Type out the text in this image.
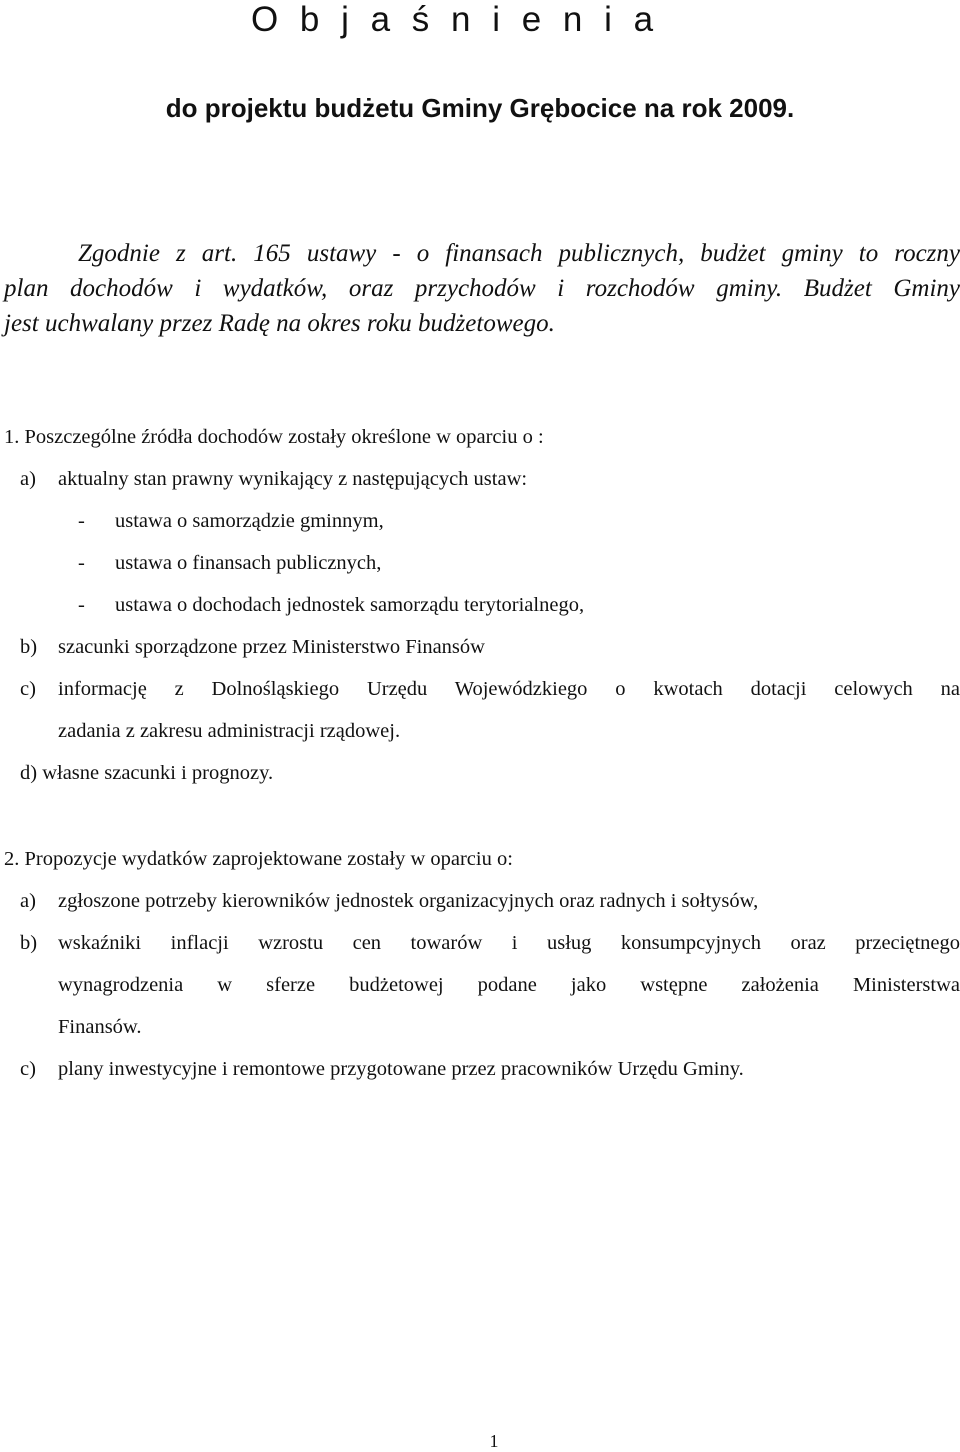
O b j a ś n i e n i a
do projektu budżetu Gminy Grębocice na rok 2009.
Zgodnie z art. 165 ustawy - o finansach publicznych, budżet gminy to roczny
plan dochodów i wydatków, oraz przychodów i rozchodów gminy. Budżet Gminy
jest uchwalany przez Radę na okres roku budżetowego.
1. Poszczególne źródła dochodów zostały określone w oparciu o :
a) aktualny stan prawny wynikający z następujących ustaw:
- ustawa o samorządzie gminnym,
- ustawa o finansach publicznych,
- ustawa o dochodach jednostek samorządu terytorialnego,
b) szacunki sporządzone przez Ministerstwo Finansów
c) informację z Dolnośląskiego Urzędu Wojewódzkiego o kwotach dotacji celowych na
zadania z zakresu administracji rządowej.
d) własne szacunki i prognozy.
2. Propozycje wydatków zaprojektowane zostały w oparciu o:
a) zgłoszone potrzeby kierowników jednostek organizacyjnych oraz radnych i sołtysów,
b) wskaźniki inflacji wzrostu cen towarów i usług konsumpcyjnych oraz przeciętnego
wynagrodzenia w sferze budżetowej podane jako wstępne założenia Ministerstwa
Finansów.
c) plany inwestycyjne i remontowe przygotowane przez pracowników Urzędu Gminy.
1
